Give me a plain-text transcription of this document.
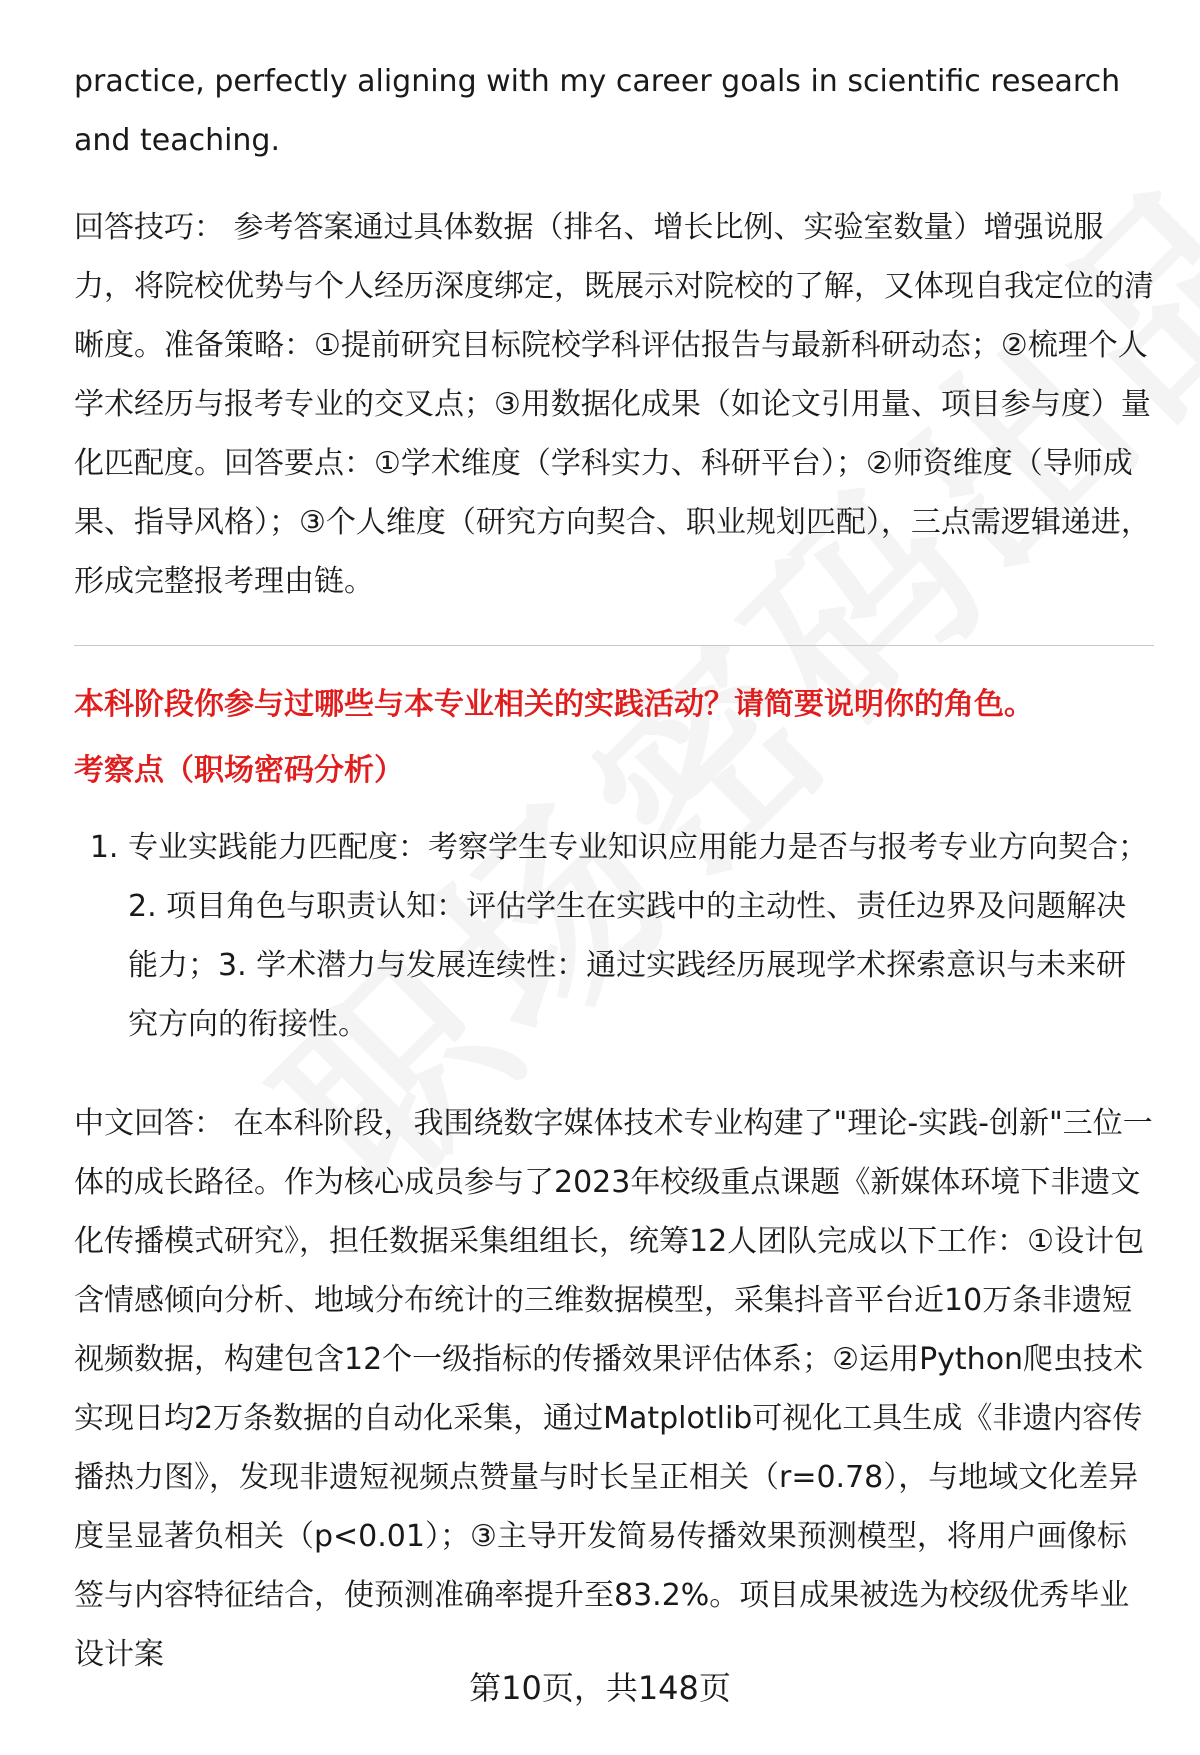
practice, perfectly aligning with my career goals in scientific research and teaching.

回答技巧： 参考答案通过具体数据（排名、增长比例、实验室数量）增强说服力，将院校优势与个人经历深度绑定，既展示对院校的了解，又体现自我定位的清晰度。准备策略：①提前研究目标院校学科评估报告与最新科研动态；②梳理个人学术经历与报考专业的交叉点；③用数据化成果（如论文引用量、项目参与度）量化匹配度。回答要点：①学术维度（学科实力、科研平台）；②师资维度（导师成果、指导风格）；③个人维度（研究方向契合、职业规划匹配），三点需逻辑递进，形成完整报考理由链。

本科阶段你参与过哪些与本专业相关的实践活动？请简要说明你的角色。

考察点（职场密码分析）

1. 专业实践能力匹配度：考察学生专业知识应用能力是否与报考专业方向契合；2. 项目角色与职责认知：评估学生在实践中的主动性、责任边界及问题解决能力；3. 学术潜力与发展连续性：通过实践经历展现学术探索意识与未来研究方向的衔接性。

中文回答： 在本科阶段，我围绕数字媒体技术专业构建了"理论-实践-创新"三位一体的成长路径。作为核心成员参与了2023年校级重点课题《新媒体环境下非遗文化传播模式研究》，担任数据采集组组长，统筹12人团队完成以下工作：①设计包含情感倾向分析、地域分布统计的三维数据模型，采集抖音平台近10万条非遗短视频数据，构建包含12个一级指标的传播效果评估体系；②运用Python爬虫技术实现日均2万条数据的自动化采集，通过Matplotlib可视化工具生成《非遗内容传播热力图》，发现非遗短视频点赞量与时长呈正相关（r=0.78），与地域文化差异度呈显著负相关（p<0.01）；③主导开发简易传播效果预测模型，将用户画像标签与内容特征结合，使预测准确率提升至83.2%。项目成果被选为校级优秀毕业设计案

第10页，共148页
